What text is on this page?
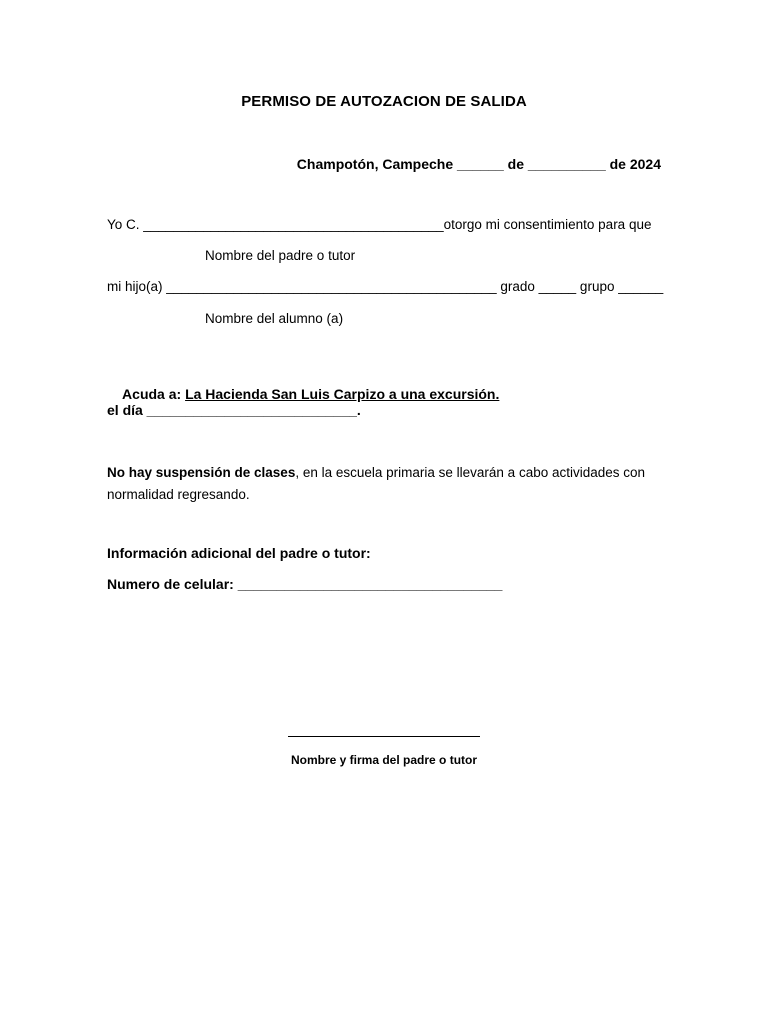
PERMISO DE AUTOZACION DE SALIDA
Champotón, Campeche ______ de __________ de 2024
Yo C. ________________________________________otorgo mi consentimiento para que
Nombre del padre o tutor
mi hijo(a) ____________________________________________ grado _____ grupo ______
Nombre del alumno (a)

Acuda a: La Hacienda San Luis Carpizo a una excursión.

el día ___________________________.
No hay suspensión de clases, en la escuela primaria se llevarán a cabo actividades con normalidad regresando.
Información adicional del padre o tutor:
Numero de celular: __________________________________
Nombre y firma del padre o tutor
